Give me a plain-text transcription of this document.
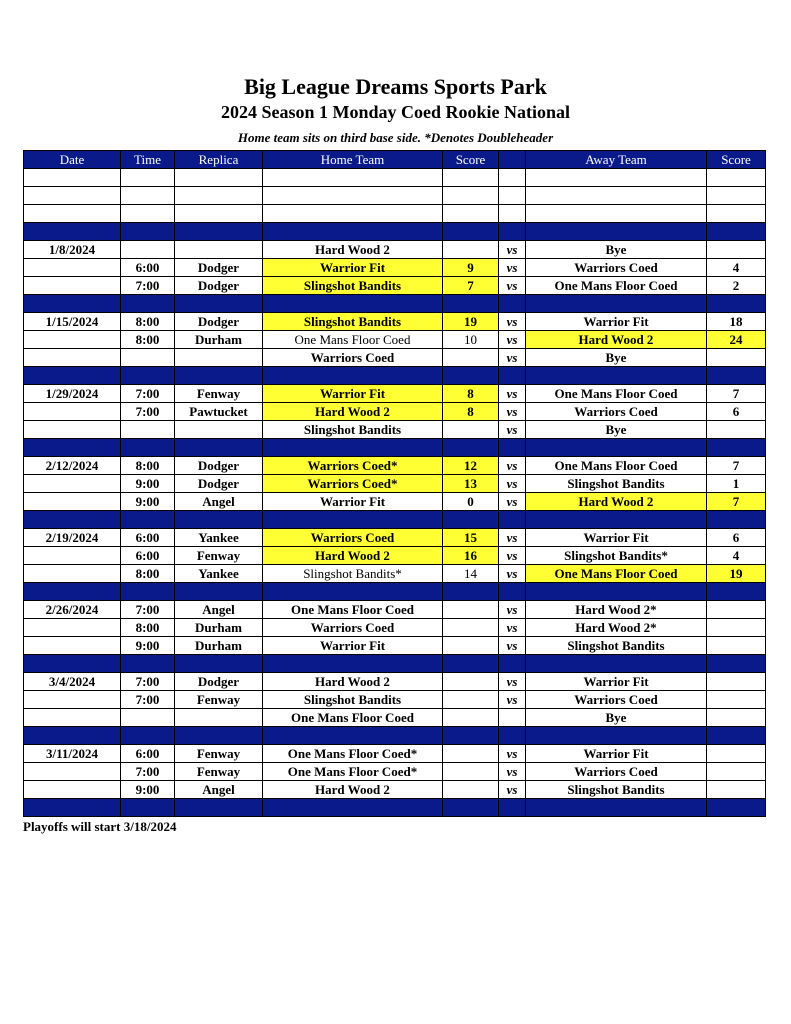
Big League Dreams Sports Park
2024 Season 1 Monday Coed Rookie National
Home team sits on third base side. *Denotes Doubleheader
Date	Time	Replica	Home Team	Score		Away Team	Score

1/8/2024			Hard Wood 2		vs	Bye	
	6:00	Dodger	Warrior Fit	9	vs	Warriors Coed	4
	7:00	Dodger	Slingshot Bandits	7	vs	One Mans Floor Coed	2

1/15/2024	8:00	Dodger	Slingshot Bandits	19	vs	Warrior Fit	18
	8:00	Durham	One Mans Floor Coed	10	vs	Hard Wood 2	24
			Warriors Coed		vs	Bye	

1/29/2024	7:00	Fenway	Warrior Fit	8	vs	One Mans Floor Coed	7
	7:00	Pawtucket	Hard Wood 2	8	vs	Warriors Coed	6
			Slingshot Bandits		vs	Bye	

2/12/2024	8:00	Dodger	Warriors Coed*	12	vs	One Mans Floor Coed	7
	9:00	Dodger	Warriors Coed*	13	vs	Slingshot Bandits	1
	9:00	Angel	Warrior Fit	0	vs	Hard Wood 2	7

2/19/2024	6:00	Yankee	Warriors Coed	15	vs	Warrior Fit	6
	6:00	Fenway	Hard Wood 2	16	vs	Slingshot Bandits*	4
	8:00	Yankee	Slingshot Bandits*	14	vs	One Mans Floor Coed	19

2/26/2024	7:00	Angel	One Mans Floor Coed		vs	Hard Wood 2*	
	8:00	Durham	Warriors Coed		vs	Hard Wood 2*	
	9:00	Durham	Warrior Fit		vs	Slingshot Bandits	

3/4/2024	7:00	Dodger	Hard Wood 2		vs	Warrior Fit	
	7:00	Fenway	Slingshot Bandits		vs	Warriors Coed	
			One Mans Floor Coed			Bye	

3/11/2024	6:00	Fenway	One Mans Floor Coed*		vs	Warrior Fit	
	7:00	Fenway	One Mans Floor Coed*		vs	Warriors Coed	
	9:00	Angel	Hard Wood 2		vs	Slingshot Bandits	

Playoffs will start 3/18/2024
